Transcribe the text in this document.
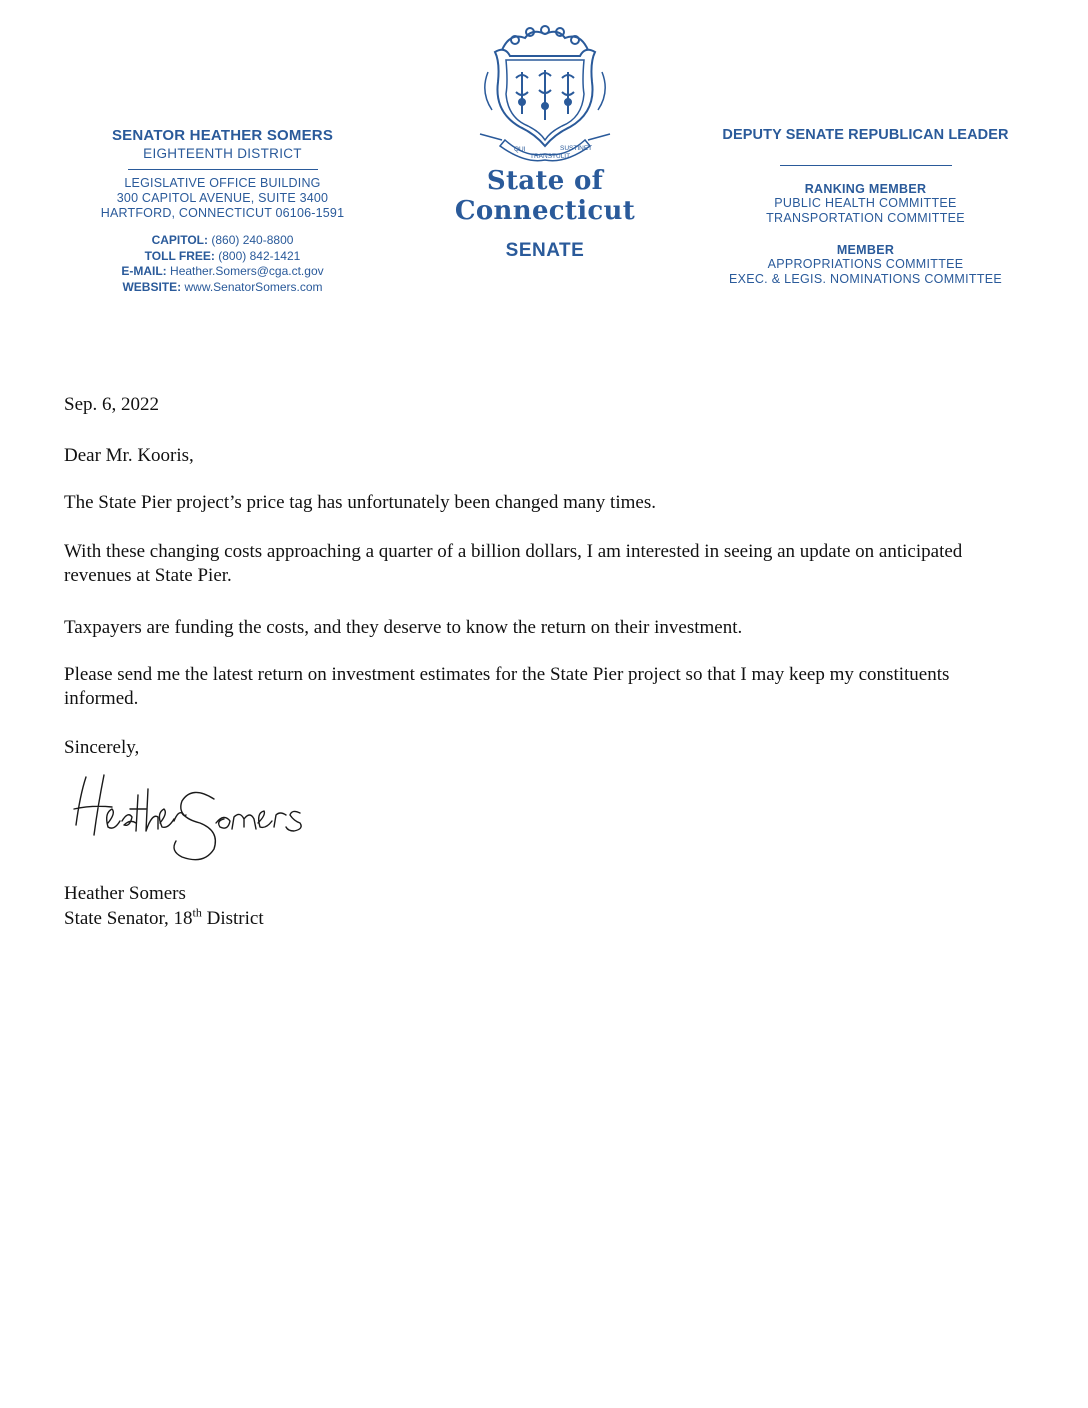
SENATOR HEATHER SOMERS
EIGHTEENTH DISTRICT
LEGISLATIVE OFFICE BUILDING
300 CAPITOL AVENUE, SUITE 3400
HARTFORD, CONNECTICUT 06106-1591
CAPITOL: (860) 240-8800
TOLL FREE: (800) 842-1421
E-MAIL: Heather.Somers@cga.ct.gov
WEBSITE: www.SenatorSomers.com
QUI
TRANSTULIT
SUSTINET
State of Connecticut
SENATE
DEPUTY SENATE REPUBLICAN LEADER
RANKING MEMBER
PUBLIC HEALTH COMMITTEE
TRANSPORTATION COMMITTEE
MEMBER
APPROPRIATIONS COMMITTEE
EXEC. & LEGIS. NOMINATIONS COMMITTEE

Sep. 6, 2022

Dear Mr. Kooris,

The State Pier project’s price tag has unfortunately been changed many times.

With these changing costs approaching a quarter of a billion dollars, I am interested in seeing an update on anticipated revenues at State Pier.

Taxpayers are funding the costs, and they deserve to know the return on their investment.

Please send me the latest return on investment estimates for the State Pier project so that I may keep my constituents informed.

Sincerely,

Heather Somers

Heather Somers

State Senator, 18th District
